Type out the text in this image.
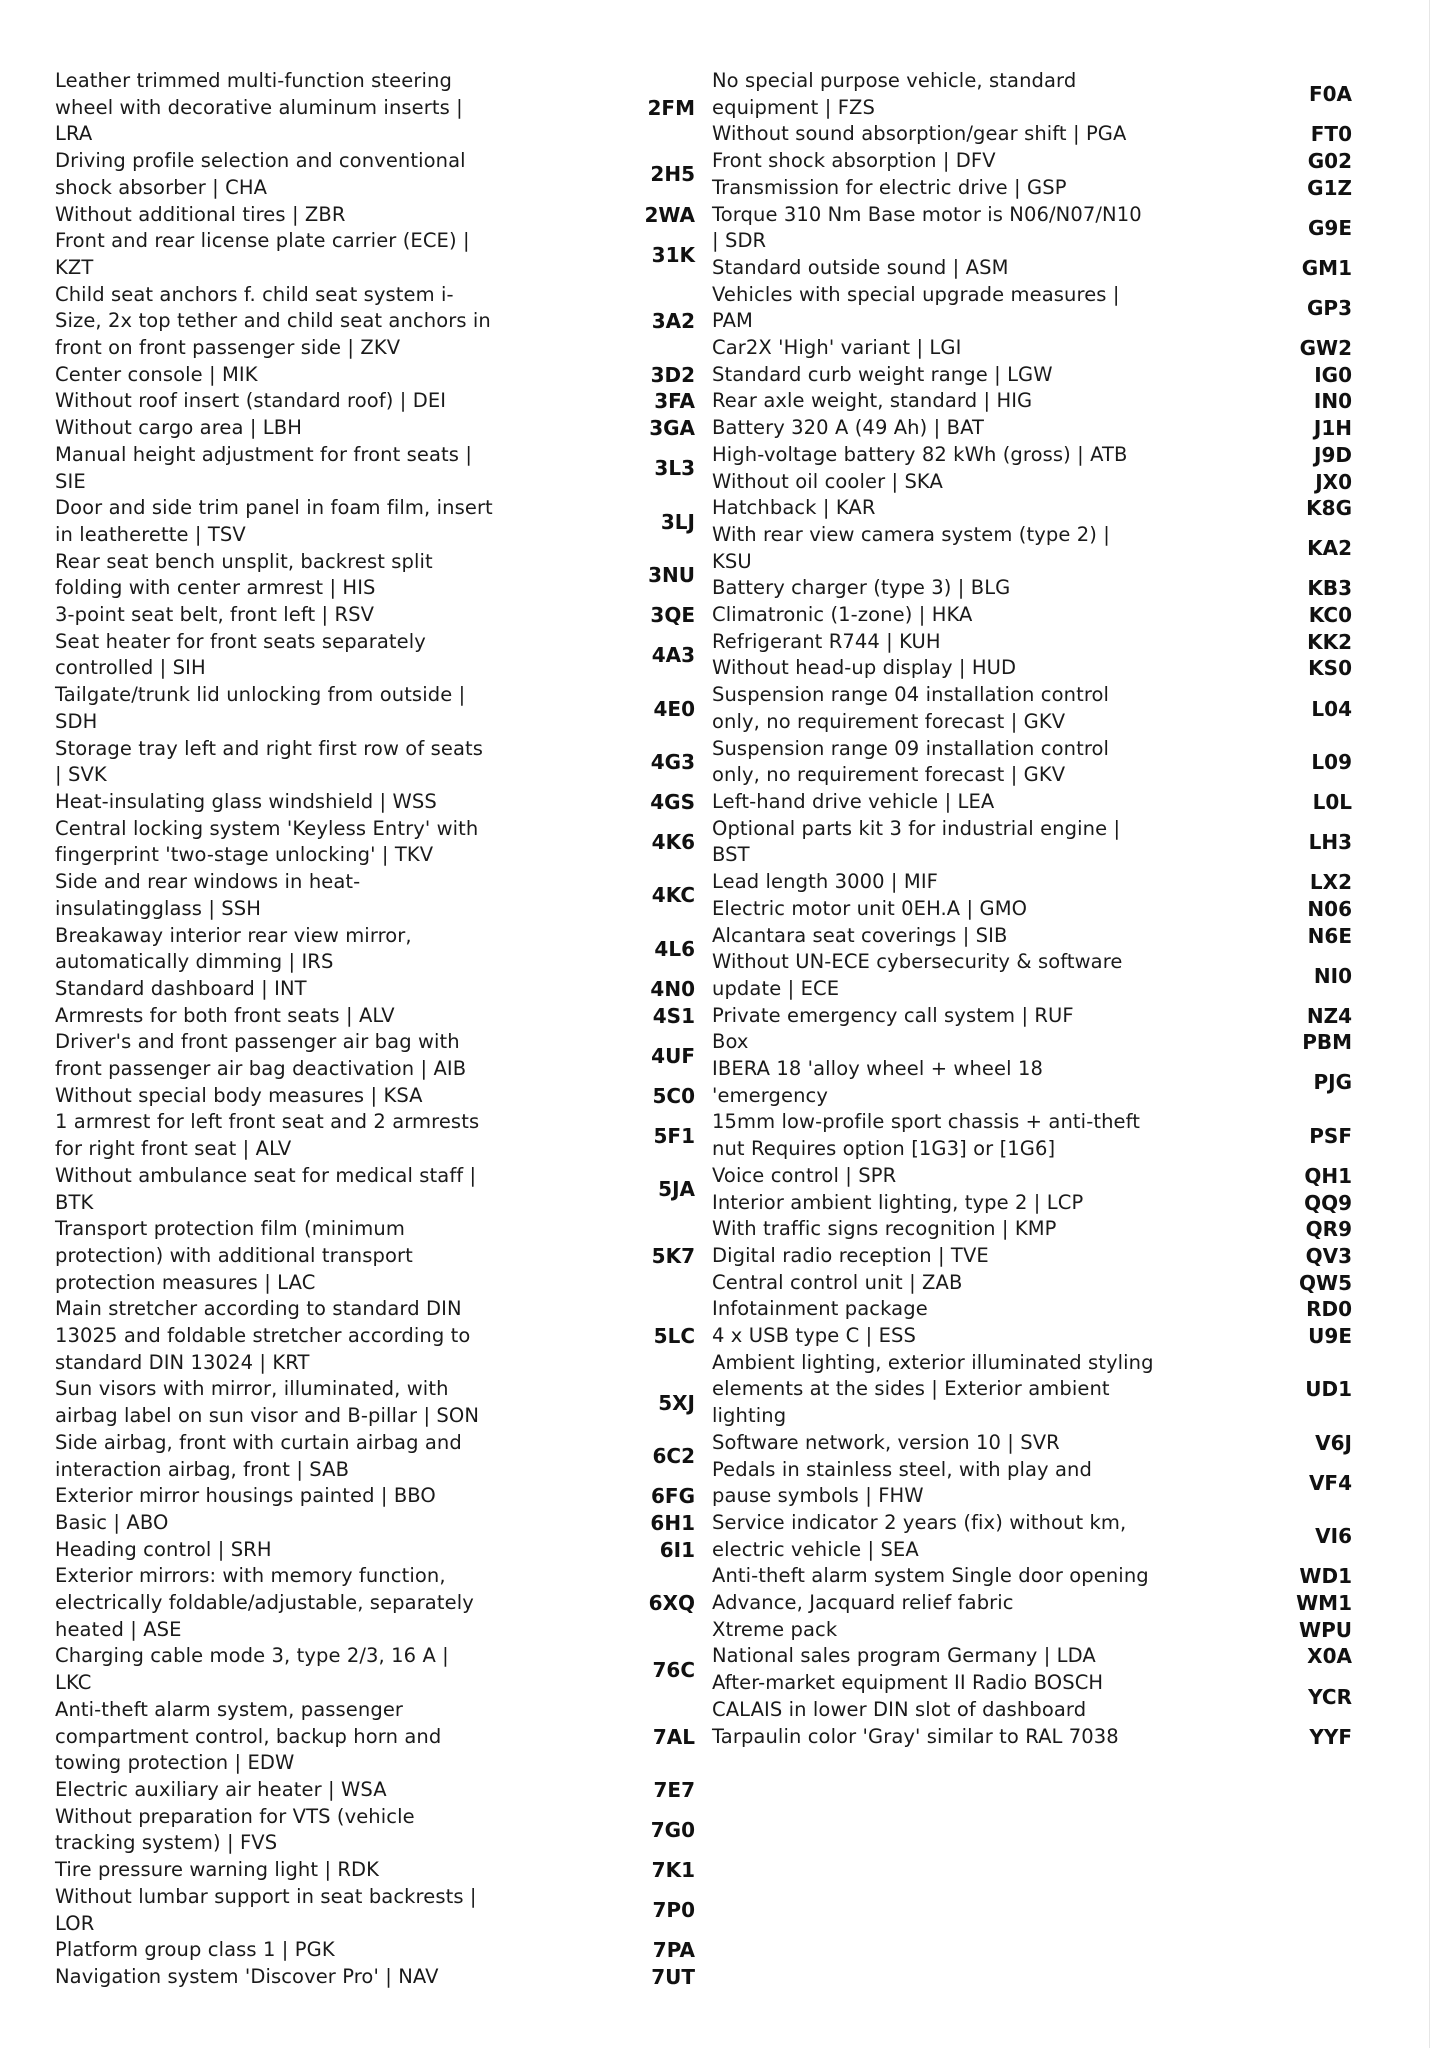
Leather trimmed multi-function steering
wheel with decorative aluminum inserts |
LRA	2FM
Driving profile selection and conventional
shock absorber | CHA	2H5
Without additional tires | ZBR	2WA
Front and rear license plate carrier (ECE) |
KZT	31K
Child seat anchors f. child seat system i-
Size, 2x top tether and child seat anchors in
front on front passenger side | ZKV	3A2
Center console | MIK	3D2
Without roof insert (standard roof) | DEI	3FA
Without cargo area | LBH	3GA
Manual height adjustment for front seats |
SIE	3L3
Door and side trim panel in foam film, insert
in leatherette | TSV	3LJ
Rear seat bench unsplit, backrest split
folding with center armrest | HIS	3NU
3-point seat belt, front left | RSV	3QE
Seat heater for front seats separately
controlled | SIH	4A3
Tailgate/trunk lid unlocking from outside |
SDH	4E0
Storage tray left and right first row of seats
| SVK	4G3
Heat-insulating glass windshield | WSS	4GS
Central locking system 'Keyless Entry' with
fingerprint 'two-stage unlocking' | TKV	4K6
Side and rear windows in heat-
insulatingglass | SSH	4KC
Breakaway interior rear view mirror,
automatically dimming | IRS	4L6
Standard dashboard | INT	4N0
Armrests for both front seats | ALV	4S1
Driver's and front passenger air bag with
front passenger air bag deactivation | AIB	4UF
Without special body measures | KSA	5C0
1 armrest for left front seat and 2 armrests
for right front seat | ALV	5F1
Without ambulance seat for medical staff |
BTK	5JA
Transport protection film (minimum
protection) with additional transport
protection measures | LAC	5K7
Main stretcher according to standard DIN
13025 and foldable stretcher according to
standard DIN 13024 | KRT	5LC
Sun visors with mirror, illuminated, with
airbag label on sun visor and B-pillar | SON	5XJ
Side airbag, front with curtain airbag and
interaction airbag, front | SAB	6C2
Exterior mirror housings painted | BBO	6FG
Basic | ABO	6H1
Heading control | SRH	6I1
Exterior mirrors: with memory function,
electrically foldable/adjustable, separately
heated | ASE	6XQ
Charging cable mode 3, type 2/3, 16 A |
LKC	76C
Anti-theft alarm system, passenger
compartment control, backup horn and
towing protection | EDW	7AL
Electric auxiliary air heater | WSA	7E7
Without preparation for VTS (vehicle
tracking system) | FVS	7G0
Tire pressure warning light | RDK	7K1
Without lumbar support in seat backrests |
LOR	7P0
Platform group class 1 | PGK	7PA
Navigation system 'Discover Pro' | NAV	7UT
No special purpose vehicle, standard
equipment | FZS	F0A
Without sound absorption/gear shift | PGA	FT0
Front shock absorption | DFV	G02
Transmission for electric drive | GSP	G1Z
Torque 310 Nm Base motor is N06/N07/N10
| SDR	G9E
Standard outside sound | ASM	GM1
Vehicles with special upgrade measures |
PAM	GP3
Car2X 'High' variant | LGI	GW2
Standard curb weight range | LGW	IG0
Rear axle weight, standard | HIG	IN0
Battery 320 A (49 Ah) | BAT	J1H
High-voltage battery 82 kWh (gross) | ATB	J9D
Without oil cooler | SKA	JX0
Hatchback | KAR	K8G
With rear view camera system (type 2) |
KSU	KA2
Battery charger (type 3) | BLG	KB3
Climatronic (1-zone) | HKA	KC0
Refrigerant R744 | KUH	KK2
Without head-up display | HUD	KS0
Suspension range 04 installation control
only, no requirement forecast | GKV	L04
Suspension range 09 installation control
only, no requirement forecast | GKV	L09
Left-hand drive vehicle | LEA	L0L
Optional parts kit 3 for industrial engine |
BST	LH3
Lead length 3000 | MIF	LX2
Electric motor unit 0EH.A | GMO	N06
Alcantara seat coverings | SIB	N6E
Without UN-ECE cybersecurity & software
update | ECE	NI0
Private emergency call system | RUF	NZ4
Box	PBM
IBERA 18 'alloy wheel + wheel 18
'emergency	PJG
15mm low-profile sport chassis + anti-theft
nut Requires option [1G3] or [1G6]	PSF
Voice control | SPR	QH1
Interior ambient lighting, type 2 | LCP	QQ9
With traffic signs recognition | KMP	QR9
Digital radio reception | TVE	QV3
Central control unit | ZAB	QW5
Infotainment package	RD0
4 x USB type C | ESS	U9E
Ambient lighting, exterior illuminated styling
elements at the sides | Exterior ambient
lighting	UD1
Software network, version 10 | SVR	V6J
Pedals in stainless steel, with play and
pause symbols | FHW	VF4
Service indicator 2 years (fix) without km,
electric vehicle | SEA	VI6
Anti-theft alarm system Single door opening	WD1
Advance, Jacquard relief fabric	WM1
Xtreme pack	WPU
National sales program Germany | LDA	X0A
After-market equipment II Radio BOSCH
CALAIS in lower DIN slot of dashboard	YCR
Tarpaulin color 'Gray' similar to RAL 7038	YYF
